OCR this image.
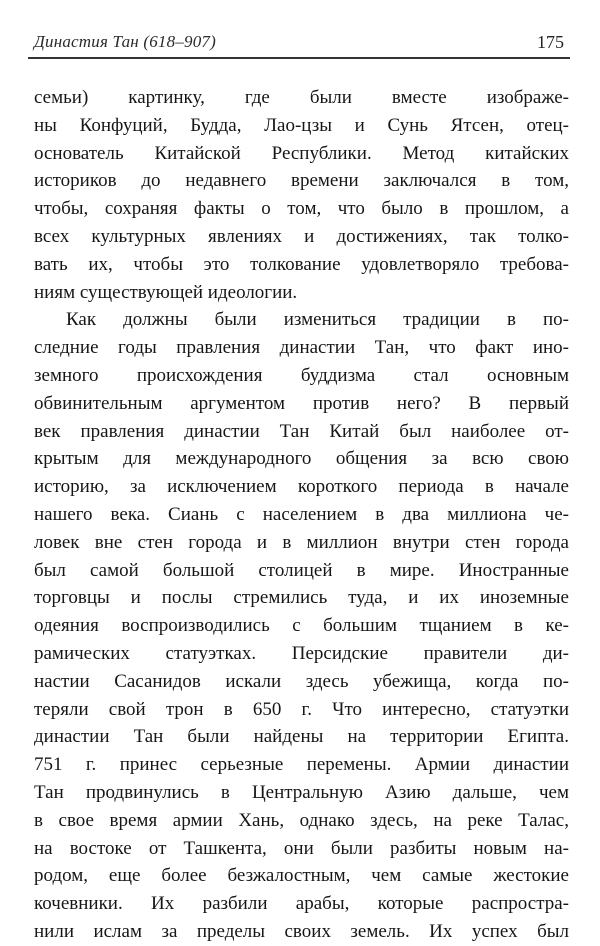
Династия Тан (618–907)	175
семьи) картинку, где были вместе изображе-
ны Конфуций, Будда, Лао-цзы и Сунь Ятсен, отец-
основатель Китайской Республики. Метод китайских
историков до недавнего времени заключался в том,
чтобы, сохраняя факты о том, что было в прошлом, а
всех культурных явлениях и достижениях, так толко-
вать их, чтобы это толкование удовлетворяло требова-
ниям существующей идеологии.
Как должны были измениться традиции в по-
следние годы правления династии Тан, что факт ино-
земного происхождения буддизма стал основным
обвинительным аргументом против него? В первый
век правления династии Тан Китай был наиболее от-
крытым для международного общения за всю свою
историю, за исключением короткого периода в начале
нашего века. Сиань с населением в два миллиона че-
ловек вне стен города и в миллион внутри стен города
был самой большой столицей в мире. Иностранные
торговцы и послы стремились туда, и их иноземные
одеяния воспроизводились с большим тщанием в ке-
рамических статуэтках. Персидские правители ди-
настии Сасанидов искали здесь убежища, когда по-
теряли свой трон в 650 г. Что интересно, статуэтки
династии Тан были найдены на территории Египта.
751 г. принес серьезные перемены. Армии династии
Тан продвинулись в Центральную Азию дальше, чем
в свое время армии Хань, однако здесь, на реке Талас,
на востоке от Ташкента, они были разбиты новым на-
родом, еще более безжалостным, чем самые жестокие
кочевники. Их разбили арабы, которые распростра-
нили ислам за пределы своих земель. Их успех был
